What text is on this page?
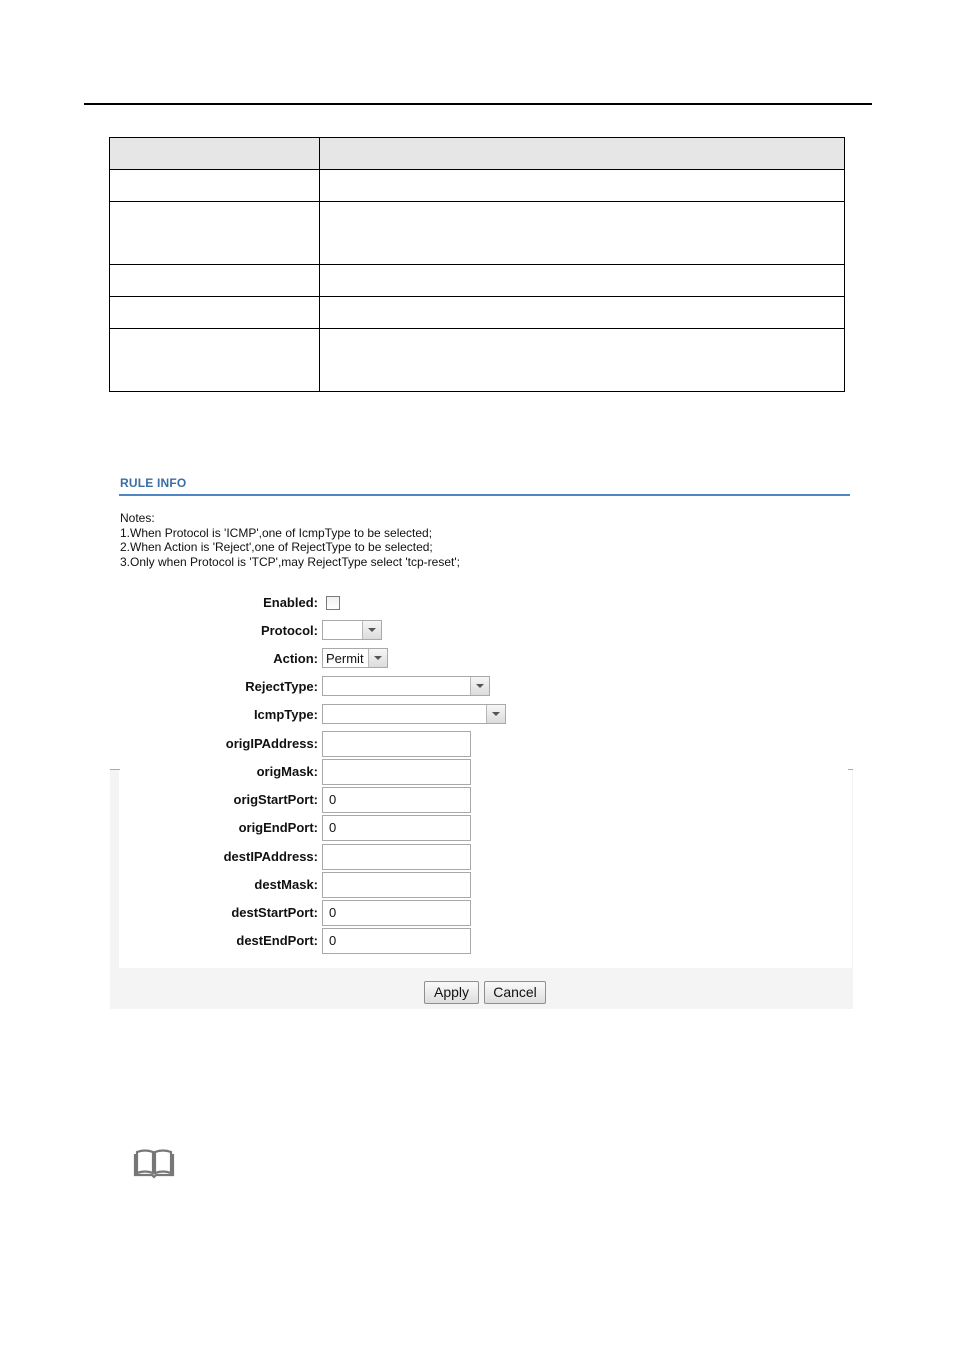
RULE INFO
Notes:
1.When Protocol is 'ICMP',one of IcmpType to be selected;
2.When Action is 'Reject',one of RejectType to be selected;
3.Only when Protocol is 'TCP',may RejectType select 'tcp-reset';
Enabled:
Protocol:
Action: Permit
RejectType:
IcmpType:
origIPAddress:
origMask:
origStartPort: 0
origEndPort: 0
destIPAddress:
destMask:
destStartPort: 0
destEndPort: 0
Apply	Cancel
